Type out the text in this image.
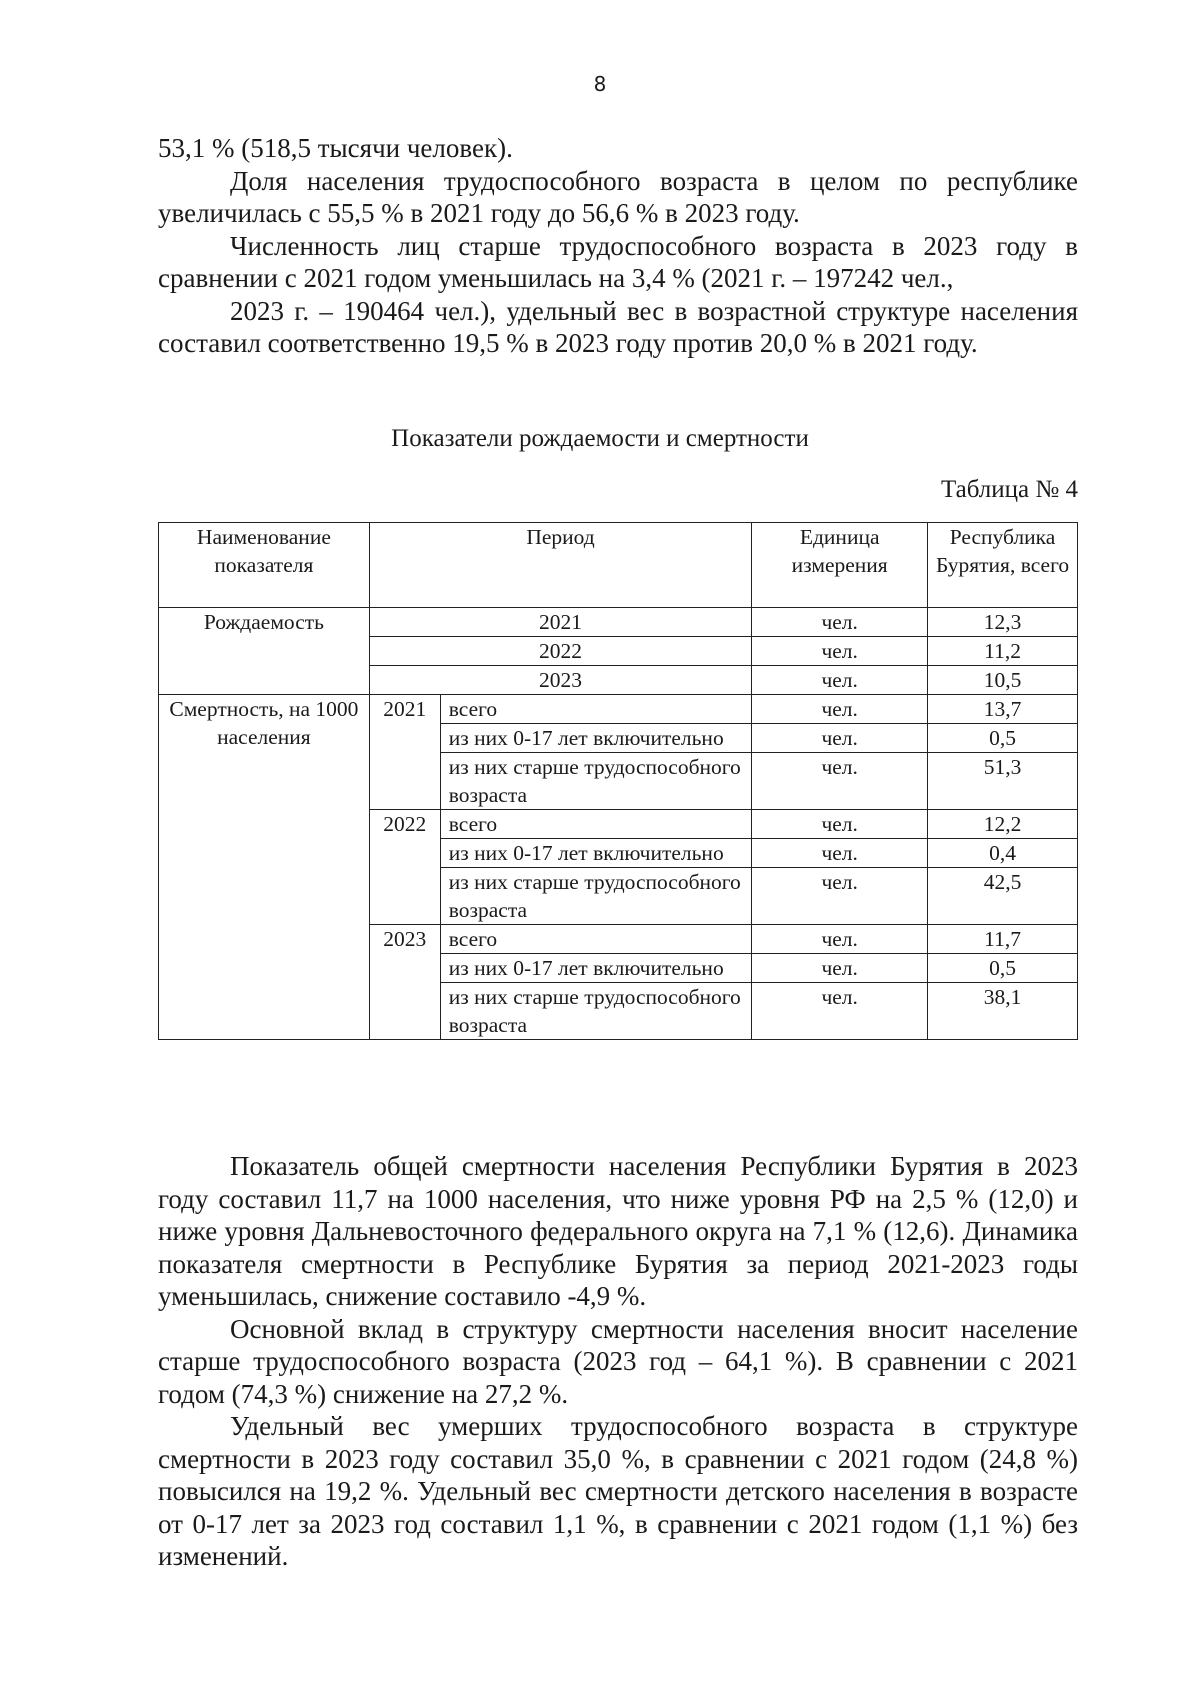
8

53,1 % (518,5 тысячи человек).

Доля населения трудоспособного возраста в целом по республике увеличилась с 55,5 % в 2021 году до 56,6 % в 2023 году.

Численность лиц старше трудоспособного возраста в 2023 году в сравнении с 2021 годом уменьшилась на 3,4 % (2021 г. – 197242 чел.,

2023 г. – 190464 чел.), удельный вес в возрастной структуре населения составил соответственно 19,5 % в 2023 году против 20,0 % в 2021 году.

Показатели рождаемости и смертности
Таблица № 4
Наименование показателя	Период		Единица измерения	Республика Бурятия, всего
Рождаемость	2021		чел.	12,3
	2022		чел.	11,2
	2023		чел.	10,5
Смертность, на 1000 населения	2021	всего	чел.	13,7
		из них 0-17 лет включительно	чел.	0,5
		из них старше трудоспособного возраста	чел.	51,3
	2022	всего	чел.	12,2
		из них 0-17 лет включительно	чел.	0,4
		из них старше трудоспособного возраста	чел.	42,5
	2023	всего	чел.	11,7
		из них 0-17 лет включительно	чел.	0,5
		из них старше трудоспособного возраста	чел.	38,1

Показатель общей смертности населения Республики Бурятия в 2023 году составил 11,7 на 1000 населения, что ниже уровня РФ на 2,5 % (12,0) и ниже уровня Дальневосточного федерального округа на 7,1 % (12,6). Динамика показателя смертности в Республике Бурятия за период 2021-2023 годы уменьшилась, снижение составило -4,9 %.

Основной вклад в структуру смертности населения вносит население старше трудоспособного возраста (2023 год – 64,1 %). В сравнении с 2021 годом (74,3 %) снижение на 27,2 %.

Удельный вес умерших трудоспособного возраста в структуре смертности в 2023 году составил 35,0 %, в сравнении с 2021 годом (24,8 %) повысился на 19,2 %. Удельный вес смертности детского населения в возрасте от 0-17 лет за 2023 год составил 1,1 %, в сравнении с 2021 годом (1,1 %) без изменений.
